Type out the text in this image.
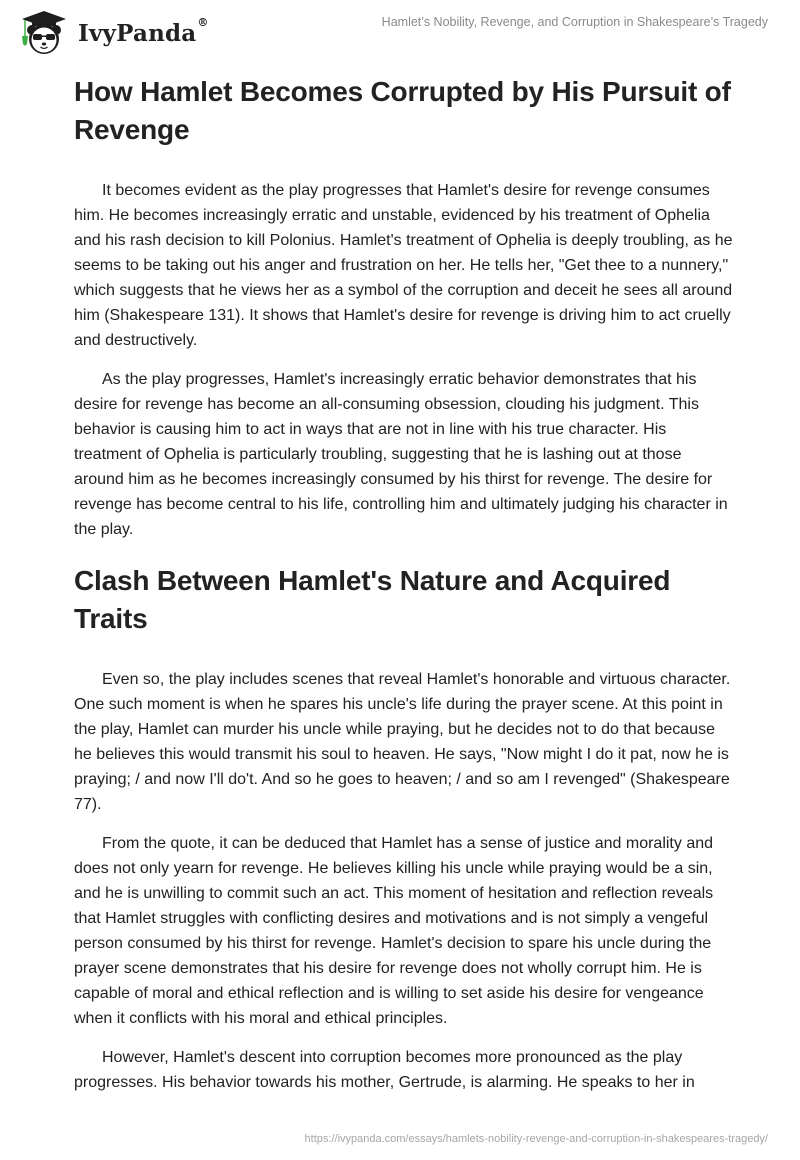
IvyPanda®	Hamlet’s Nobility, Revenge, and Corruption in Shakespeare’s Tragedy
How Hamlet Becomes Corrupted by His Pursuit of Revenge

It becomes evident as the play progresses that Hamlet's desire for revenge consumes him. He becomes increasingly erratic and unstable, evidenced by his treatment of Ophelia and his rash decision to kill Polonius. Hamlet's treatment of Ophelia is deeply troubling, as he seems to be taking out his anger and frustration on her. He tells her, "Get thee to a nunnery," which suggests that he views her as a symbol of the corruption and deceit he sees all around him (Shakespeare 131). It shows that Hamlet's desire for revenge is driving him to act cruelly and destructively.

As the play progresses, Hamlet's increasingly erratic behavior demonstrates that his desire for revenge has become an all-consuming obsession, clouding his judgment. This behavior is causing him to act in ways that are not in line with his true character. His treatment of Ophelia is particularly troubling, suggesting that he is lashing out at those around him as he becomes increasingly consumed by his thirst for revenge. The desire for revenge has become central to his life, controlling him and ultimately judging his character in the play.

Clash Between Hamlet's Nature and Acquired Traits

Even so, the play includes scenes that reveal Hamlet's honorable and virtuous character. One such moment is when he spares his uncle's life during the prayer scene. At this point in the play, Hamlet can murder his uncle while praying, but he decides not to do that because he believes this would transmit his soul to heaven. He says, "Now might I do it pat, now he is praying; / and now I'll do't. And so he goes to heaven; / and so am I revenged" (Shakespeare 77).

From the quote, it can be deduced that Hamlet has a sense of justice and morality and does not only yearn for revenge. He believes killing his uncle while praying would be a sin, and he is unwilling to commit such an act. This moment of hesitation and reflection reveals that Hamlet struggles with conflicting desires and motivations and is not simply a vengeful person consumed by his thirst for revenge. Hamlet's decision to spare his uncle during the prayer scene demonstrates that his desire for revenge does not wholly corrupt him. He is capable of moral and ethical reflection and is willing to set aside his desire for vengeance when it conflicts with his moral and ethical principles.

However, Hamlet's descent into corruption becomes more pronounced as the play progresses. His behavior towards his mother, Gertrude, is alarming. He speaks to her in

https://ivypanda.com/essays/hamlets-nobility-revenge-and-corruption-in-shakespeares-tragedy/
